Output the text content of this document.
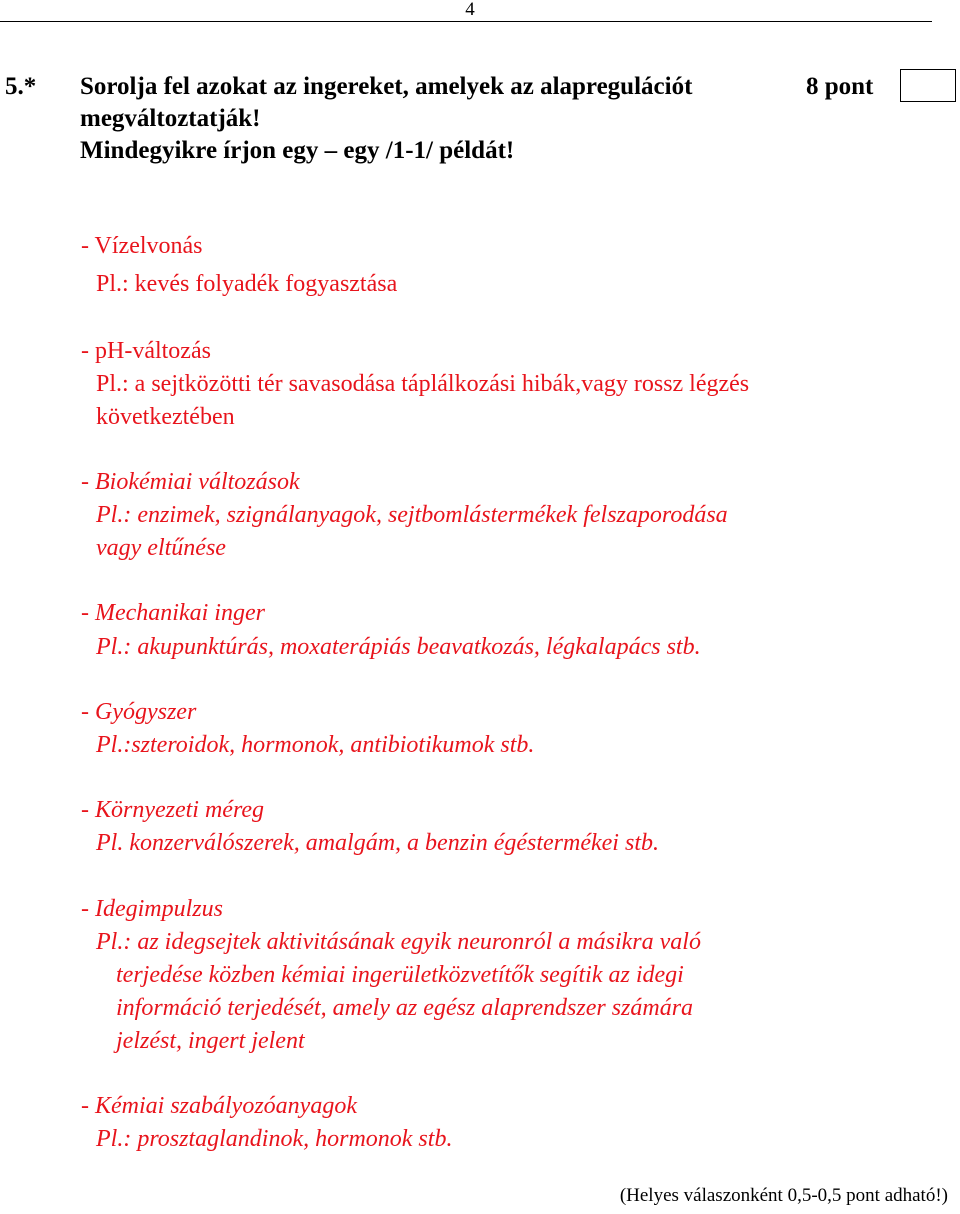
4
5.* Sorolja fel azokat az ingereket, amelyek az alapregulációt
megváltoztatják!
Mindegyikre írjon egy – egy /1-1/ példát!
8 pont
- Vízelvonás
Pl.: kevés folyadék fogyasztása
- pH-változás
Pl.: a sejtközötti tér savasodása táplálkozási hibák,vagy rossz légzés
következtében
- Biokémiai változások
Pl.: enzimek, szignálanyagok, sejtbomlástermékek felszaporodása
vagy eltűnése
- Mechanikai inger
Pl.: akupunktúrás, moxaterápiás beavatkozás, légkalapács stb.
- Gyógyszer
Pl.:szteroidok, hormonok, antibiotikumok stb.
- Környezeti méreg
Pl. konzerválószerek, amalgám, a benzin égéstermékei stb.
- Idegimpulzus
Pl.: az idegsejtek aktivitásának egyik neuronról a másikra való
terjedése közben kémiai ingerületközvetítők segítik az idegi
információ terjedését, amely az egész alaprendszer számára
jelzést, ingert jelent
- Kémiai szabályozóanyagok
Pl.: prosztaglandinok, hormonok stb.
(Helyes válaszonként 0,5-0,5 pont adható!)
